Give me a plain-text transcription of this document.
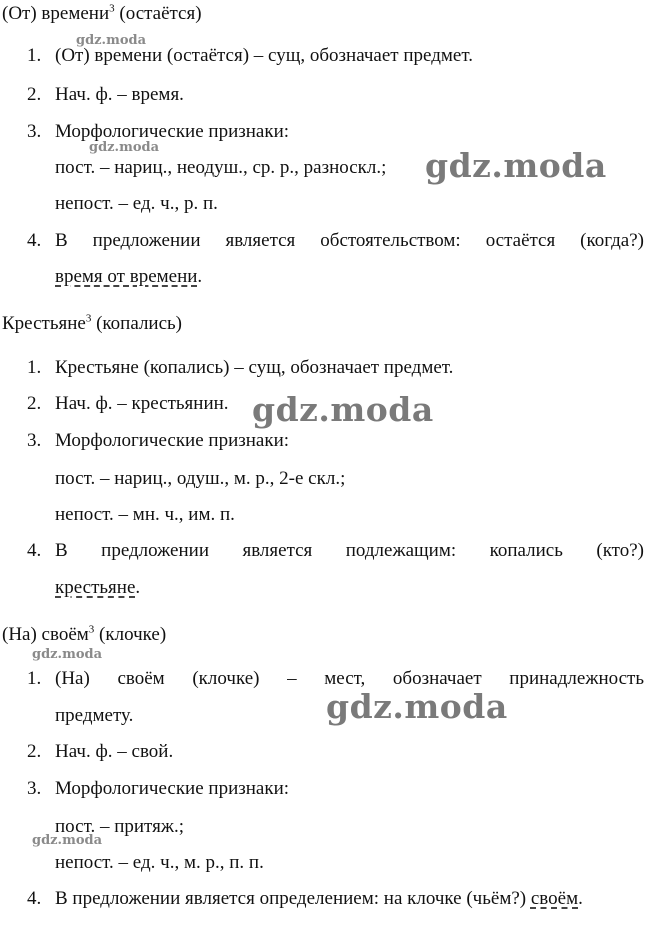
(От) времени$^3$ (остаётся)
1. (От) времени (остаётся) – сущ, обозначает предмет.
2. Нач. ф. – время.
3. Морфологические признаки:
пост. – нариц., неодуш., ср. р., разноскл.;
непост. – ед. ч., р. п.
4. В предложении является обстоятельством: остаётся (когда?)
время от времени.
Крестьяне$^3$ (копались)
1. Крестьяне (копались) – сущ, обозначает предмет.
2. Нач. ф. – крестьянин.
3. Морфологические признаки:
пост. – нариц., одуш., м. р., 2-е скл.;
непост. – мн. ч., им. п.
4. В предложении является подлежащим: копались (кто?)
крестьяне.
(На) своём$^3$ (клочке)
1. (На) своём (клочке) – мест, обозначает принадлежность
предмету.
2. Нач. ф. – свой.
3. Морфологические признаки:
пост. – притяж.;
непост. – ед. ч., м. р., п. п.
4. В предложении является определением: на клочке (чьём?) своём.
gdz.moda
gdz.moda
gdz.moda
gdz.moda
gdz.moda
gdz.moda
gdz.moda
